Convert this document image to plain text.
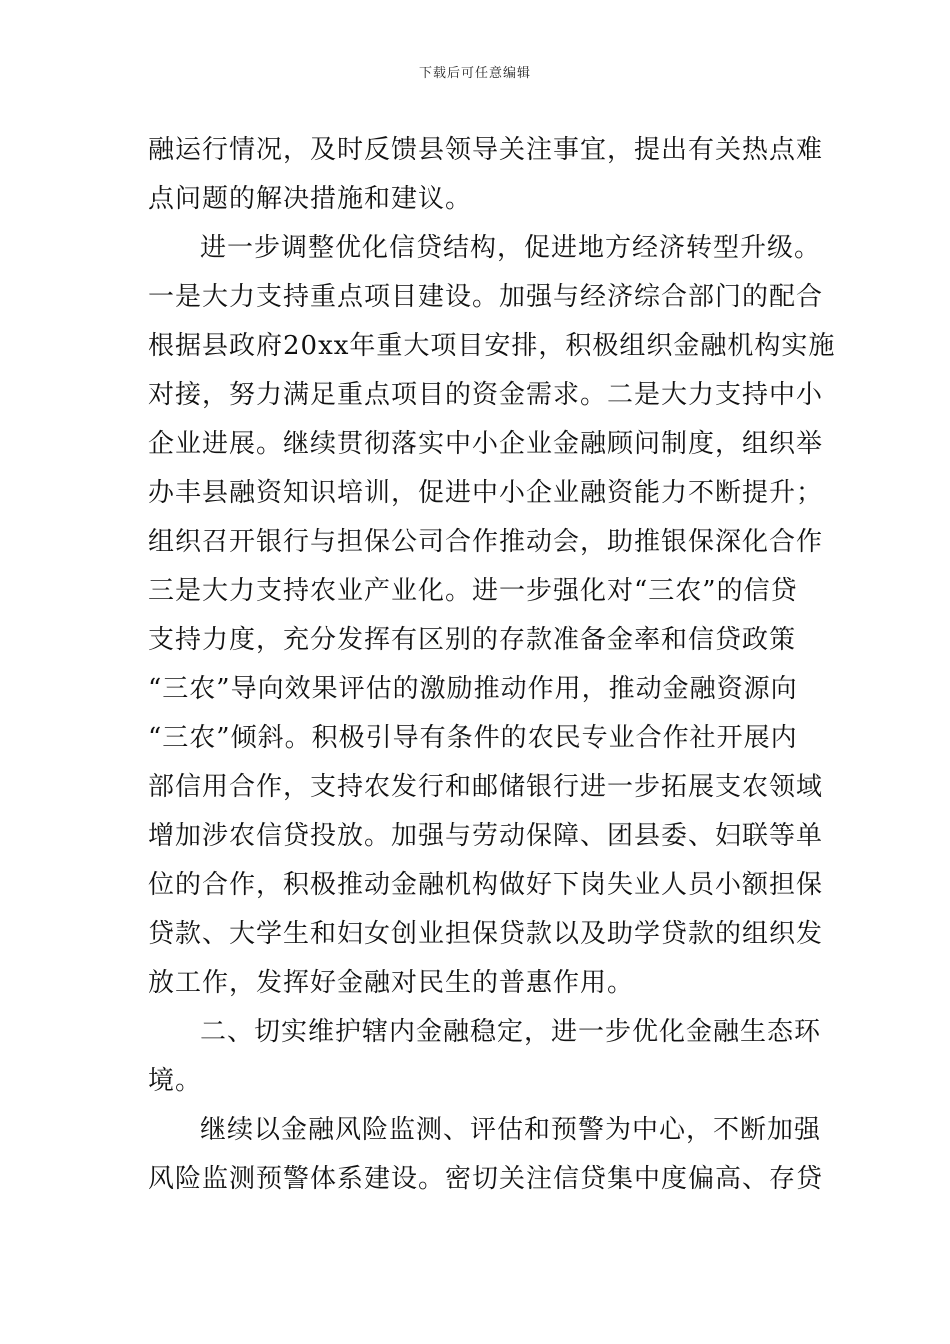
下载后可任意编辑
融运行情况，及时反馈县领导关注事宜，提出有关热点难
点问题的解决措施和建议。
进一步调整优化信贷结构，促进地方经济转型升级。
一是大力支持重点项目建设。加强与经济综合部门的配合
根据县政府20xx年重大项目安排，积极组织金融机构实施
对接，努力满足重点项目的资金需求。二是大力支持中小
企业进展。继续贯彻落实中小企业金融顾问制度，组织举
办丰县融资知识培训，促进中小企业融资能力不断提升；
组织召开银行与担保公司合作推动会，助推银保深化合作
三是大力支持农业产业化。进一步强化对“三农”的信贷
支持力度，充分发挥有区别的存款准备金率和信贷政策
“三农”导向效果评估的激励推动作用，推动金融资源向
“三农”倾斜。积极引导有条件的农民专业合作社开展内
部信用合作，支持农发行和邮储银行进一步拓展支农领域
增加涉农信贷投放。加强与劳动保障、团县委、妇联等单
位的合作，积极推动金融机构做好下岗失业人员小额担保
贷款、大学生和妇女创业担保贷款以及助学贷款的组织发
放工作，发挥好金融对民生的普惠作用。
二、切实维护辖内金融稳定，进一步优化金融生态环
境。
继续以金融风险监测、评估和预警为中心，不断加强
风险监测预警体系建设。密切关注信贷集中度偏高、存贷
